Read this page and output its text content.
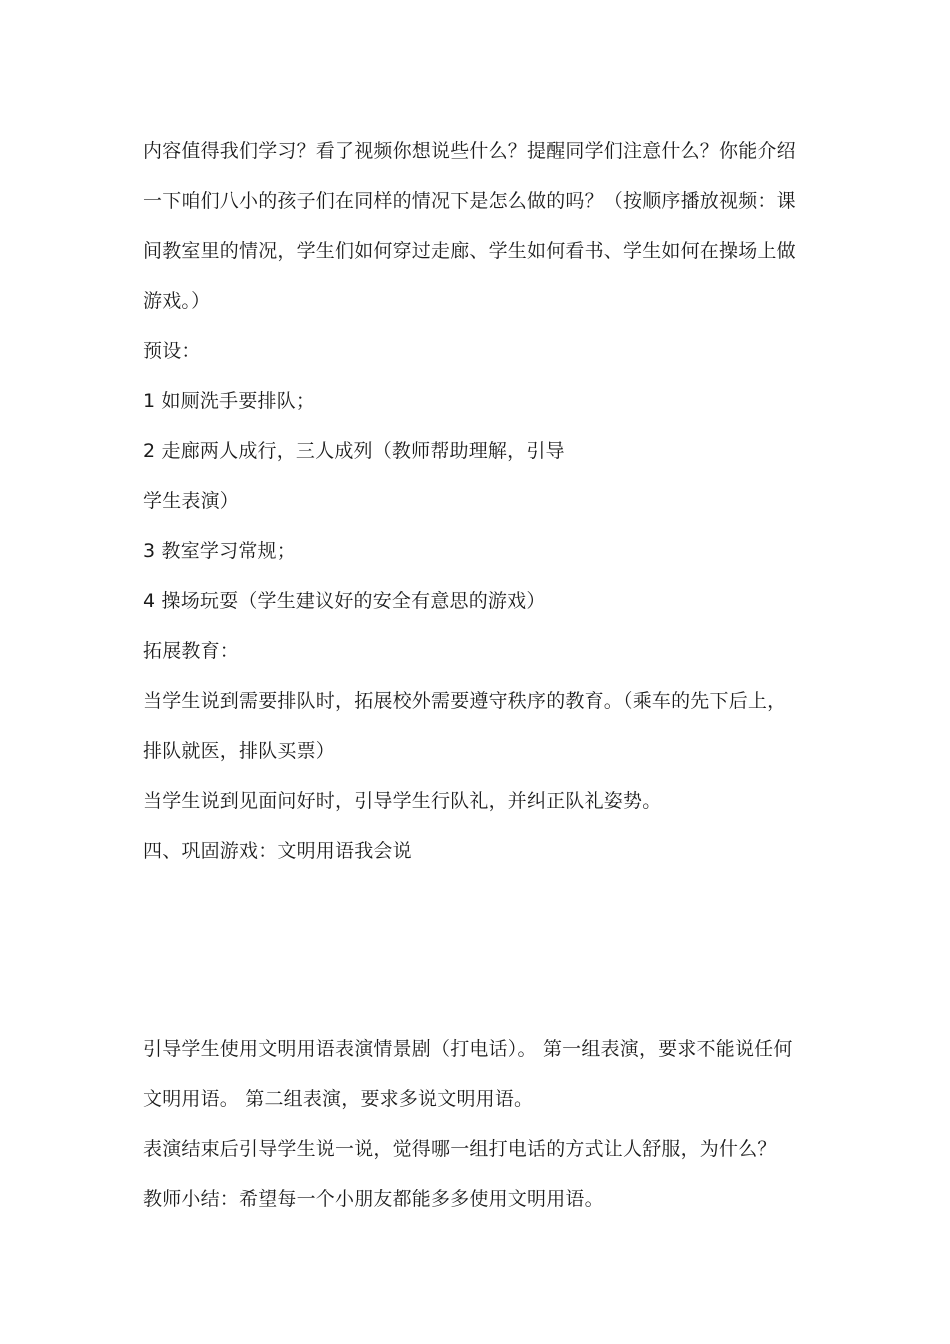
内容值得我们学习？看了视频你想说些什么？提醒同学们注意什么？你能介绍
一下咱们八小的孩子们在同样的情况下是怎么做的吗？（按顺序播放视频：课
间教室里的情况，学生们如何穿过走廊、学生如何看书、学生如何在操场上做
游戏。）
预设：
1 如厕洗手要排队；
2 走廊两人成行，三人成列（教师帮助理解，引导
学生表演）
3 教室学习常规；
4 操场玩耍（学生建议好的安全有意思的游戏）
拓展教育：
当学生说到需要排队时，拓展校外需要遵守秩序的教育。（乘车的先下后上，
排队就医，排队买票）
当学生说到见面问好时，引导学生行队礼，并纠正队礼姿势。
四、巩固游戏：文明用语我会说
引导学生使用文明用语表演情景剧（打电话）。 第一组表演，要求不能说任何
文明用语。 第二组表演，要求多说文明用语。
表演结束后引导学生说一说，觉得哪一组打电话的方式让人舒服，为什么？
教师小结：希望每一个小朋友都能多多使用文明用语。
